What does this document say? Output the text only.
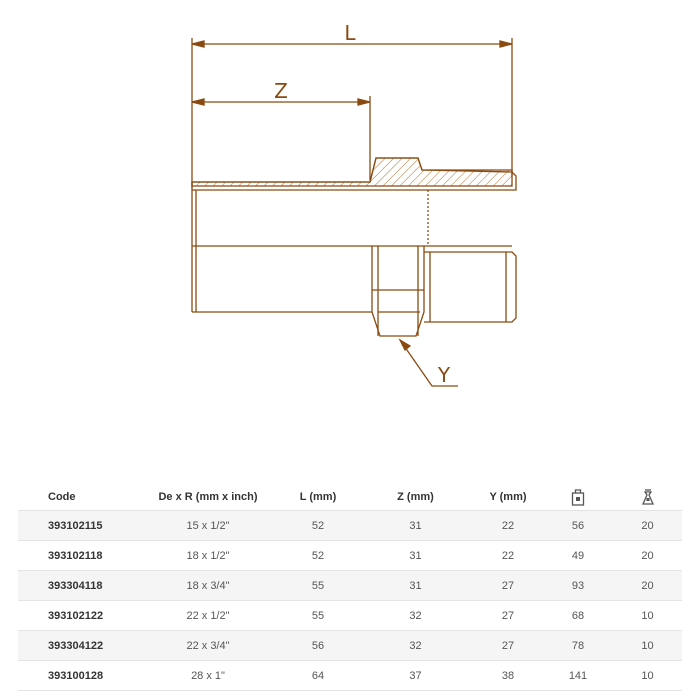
L
Z
Y
Code	De x R (mm x inch)	L (mm)	Z (mm)	Y (mm)		
393102115	15 x 1/2"	52	31	22	56	20
393102118	18 x 1/2"	52	31	22	49	20
393304118	18 x 3/4"	55	31	27	93	20
393102122	22 x 1/2"	55	32	27	68	10
393304122	22 x 3/4"	56	32	27	78	10
393100128	28 x 1"	64	37	38	141	10
